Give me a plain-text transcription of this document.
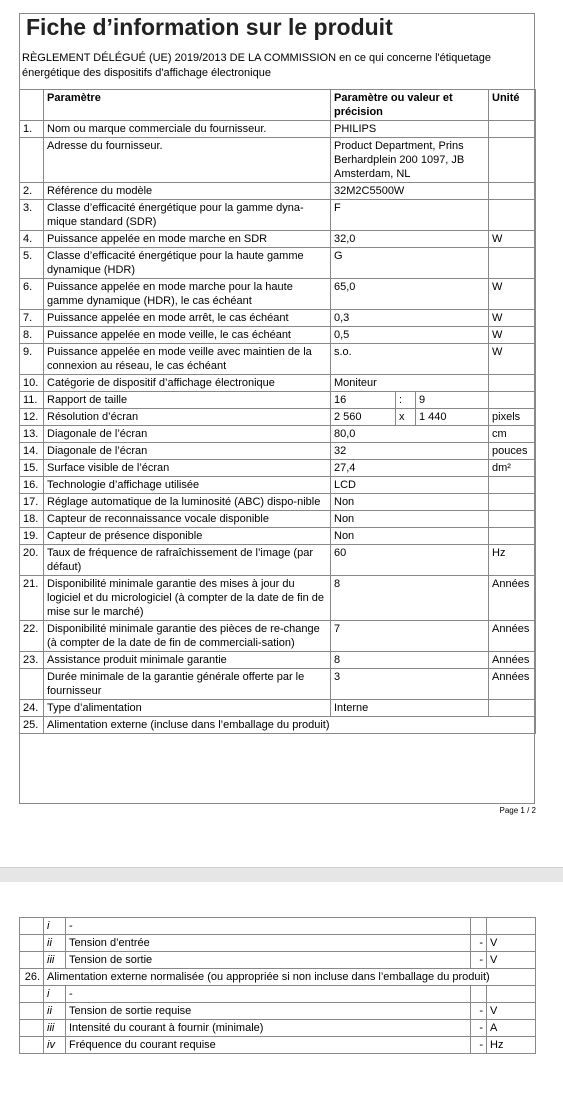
Fiche d’information sur le produit
RÈGLEMENT DÉLÉGUÉ (UE) 2019/2013 DE LA COMMISSION en ce qui concerne l'étiquetage énergétique des dispositifs d'affichage électronique
	Paramètre	Paramètre ou valeur et précision			Unité
1.	Nom ou marque commerciale du fournisseur.	PHILIPS			
	Adresse du fournisseur.	Product Department, Prins Berhardplein 200 1097, JB Amsterdam, NL			
2.	Référence du modèle	32M2C5500W			
3.	Classe d’efficacité énergétique pour la gamme dyna-mique standard (SDR)	F			
4.	Puissance appelée en mode marche en SDR	32,0			W
5.	Classe d’efficacité énergétique pour la haute gamme dynamique (HDR)	G			
6.	Puissance appelée en mode marche pour la haute gamme dynamique (HDR), le cas échéant	65,0			W
7.	Puissance appelée en mode arrêt, le cas échéant	0,3			W
8.	Puissance appelée en mode veille, le cas échéant	0,5			W
9.	Puissance appelée en mode veille avec maintien de la connexion au réseau, le cas échéant	s.o.			W
10.	Catégorie de dispositif d’affichage électronique	Moniteur			
11.	Rapport de taille	16	:	9	
12.	Résolution d’écran	2 560	x	1 440	pixels
13.	Diagonale de l’écran	80,0			cm
14.	Diagonale de l’écran	32			pouces
15.	Surface visible de l’écran	27,4			dm²
16.	Technologie d’affichage utilisée	LCD			
17.	Réglage automatique de la luminosité (ABC) dispo-nible	Non			
18.	Capteur de reconnaissance vocale disponible	Non			
19.	Capteur de présence disponible	Non			
20.	Taux de fréquence de rafraîchissement de l’image (par défaut)	60			Hz
21.	Disponibilité minimale garantie des mises à jour du logiciel et du micrologiciel (à compter de la date de fin de mise sur le marché)	8			Années
22.	Disponibilité minimale garantie des pièces de re-change (à compter de la date de fin de commerciali-sation)	7			Années
23.	Assistance produit minimale garantie	8			Années
	Durée minimale de la garantie générale offerte par le fournisseur	3			Années
24.	Type d’alimentation	Interne			
25.	Alimentation externe (incluse dans l’emballage du produit)				
Page 1 / 2
	i	-		
	ii	Tension d’entrée	-	V
	iii	Tension de sortie	-	V
26.	Alimentation externe normalisée (ou appropriée si non incluse dans l’emballage du produit)			
	i	-		
	ii	Tension de sortie requise	-	V
	iii	Intensité du courant à fournir (minimale)	-	A
	iv	Fréquence du courant requise	-	Hz
